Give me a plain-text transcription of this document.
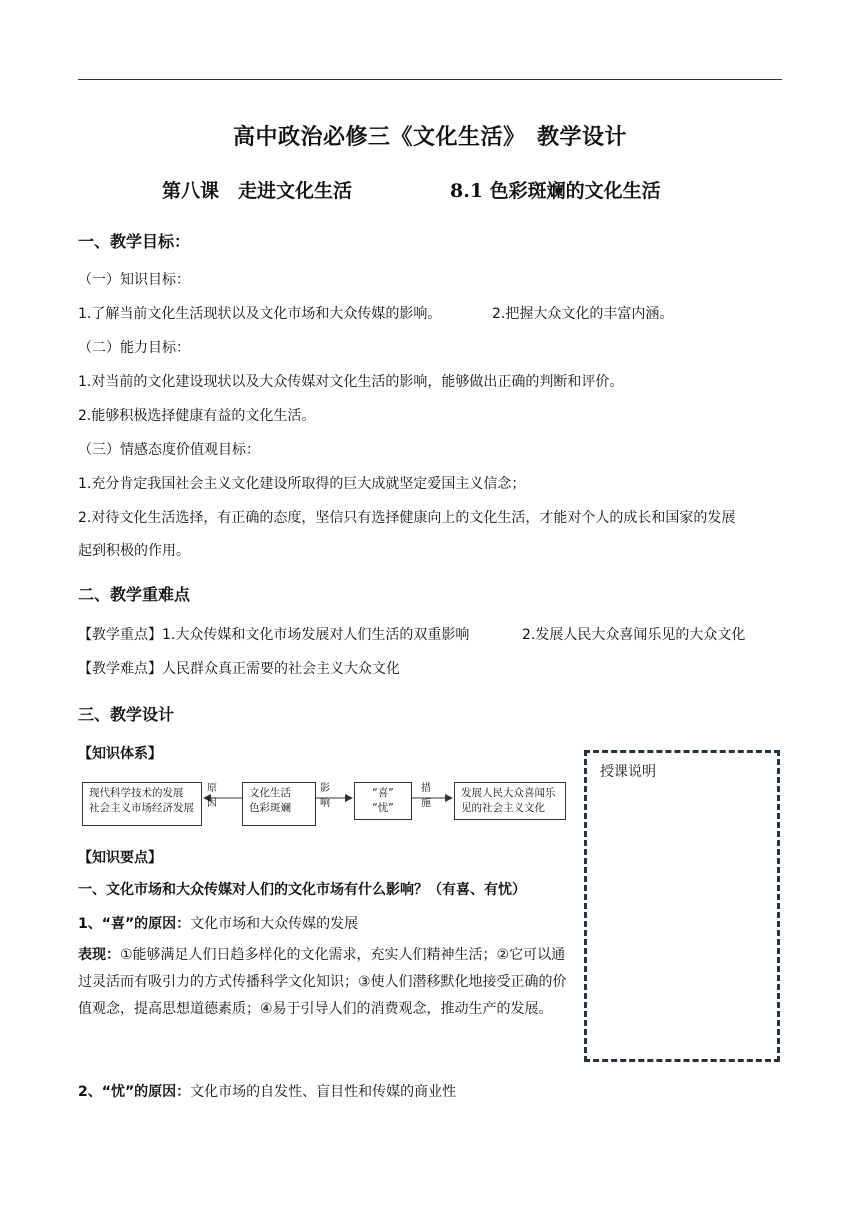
高中政治必修三《文化生活》　教学设计
第八课　走进文化生活	8.1 色彩斑斓的文化生活
一、教学目标：
（一）知识目标：
1.了解当前文化生活现状以及文化市场和大众传媒的影响。	2.把握大众文化的丰富内涵。
（二）能力目标：
1.对当前的文化建设现状以及大众传媒对文化生活的影响，能够做出正确的判断和评价。
2.能够积极选择健康有益的文化生活。
（三）情感态度价值观目标：
1.充分肯定我国社会主义文化建设所取得的巨大成就坚定爱国主义信念；
2.对待文化生活选择，有正确的态度，坚信只有选择健康向上的文化生活，才能对个人的成长和国家的发展
起到积极的作用。
二、教学重难点
【教学重点】1.大众传媒和文化市场发展对人们生活的双重影响	2.发展人民大众喜闻乐见的大众文化
【教学难点】人民群众真正需要的社会主义大众文化
三、教学设计
【知识体系】
现代科学技术的发展
社会主义市场经济发展
文化生活
色彩斑斓
“喜”
“忧”
发展人民大众喜闻乐
见的社会主义文化
原因
影响
措施
【知识要点】
一、文化市场和大众传媒对人们的文化市场有什么影响？（有喜、有忧）
1、“喜”的原因：文化市场和大众传媒的发展
表现：①能够满足人们日趋多样化的文化需求，充实人们精神生活；②它可以通过灵活而有吸引力的方式传播科学文化知识；③使人们潜移默化地接受正确的价值观念，提高思想道德素质；④易于引导人们的消费观念，推动生产的发展。
2、“忧”的原因：文化市场的自发性、盲目性和传媒的商业性
授课说明
